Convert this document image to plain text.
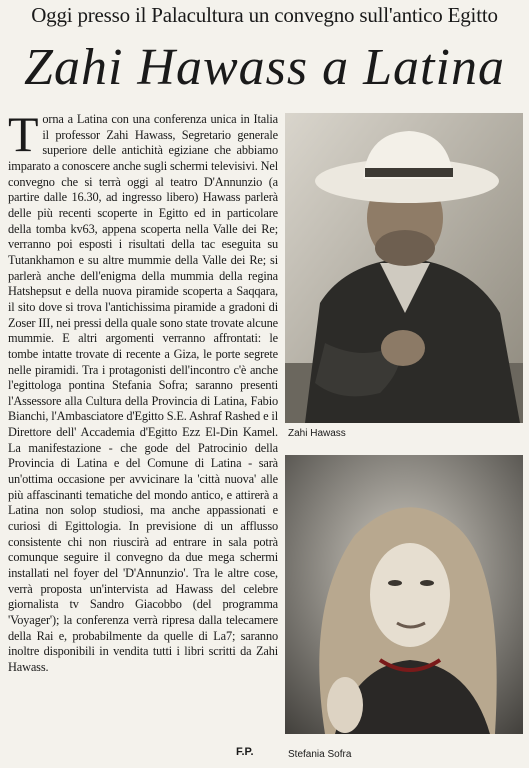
Oggi presso il Palacultura un convegno sull'antico Egitto
Zahi Hawass a Latina
Torna a Latina con una conferenza unica in Italia il professor Zahi Hawass, Segretario generale superiore delle antichità egiziane che abbiamo imparato a conoscere anche sugli schermi televisivi. Nel convegno che si terrà oggi al teatro D'Annunzio (a partire dalle 16.30, ad ingresso libero) Hawass parlerà delle più recenti scoperte in Egitto ed in particolare della tomba kv63, appena scoperta nella Valle dei Re; verranno poi esposti i risultati della tac eseguita su Tutankhamon e su altre mummie della Valle dei Re; si parlerà anche dell'enigma della mummia della regina Hatshepsut e della nuova piramide scoperta a Saqqara, il sito dove si trova l'antichissima piramide a gradoni di Zoser III, nei pressi della quale sono state trovate alcune mummie. E altri argomenti verranno affrontati: le tombe intatte trovate di recente a Giza, le porte segrete nelle piramidi. Tra i protagonisti dell'incontro c'è anche l'egittologa pontina Stefania Sofra; saranno presenti l'Assessore alla Cultura della Provincia di Latina, Fabio Bianchi, l'Ambasciatore d'Egitto S.E. Ashraf Rashed e il Direttore dell' Accademia d'Egitto Ezz El-Din Kamel. La manifestazione - che gode del Patrocinio della Provincia di Latina e del Comune di Latina - sarà un'ottima occasione per avvicinare la 'città nuova' alle più affascinanti tematiche del mondo antico, e attirerà a Latina non solop studiosi, ma anche appassionati e curiosi di Egittologia. In previsione di un afflusso consistente chi non riuscirà ad entrare in sala potrà comunque seguire il convegno da due mega schermi installati nel foyer del 'D'Annunzio'. Tra le altre cose, verrà proposta un'intervista ad Hawass del celebre giornalista tv Sandro Giacobbo (del programma 'Voyager'); la conferenza verrà ripresa dalla telecamere della Rai e, probabilmente da quelle di La7; saranno inoltre disponibili in vendita tutti i libri scritti da Zahi Hawass.
F.P.
Zahi Hawass
Stefania Sofra
